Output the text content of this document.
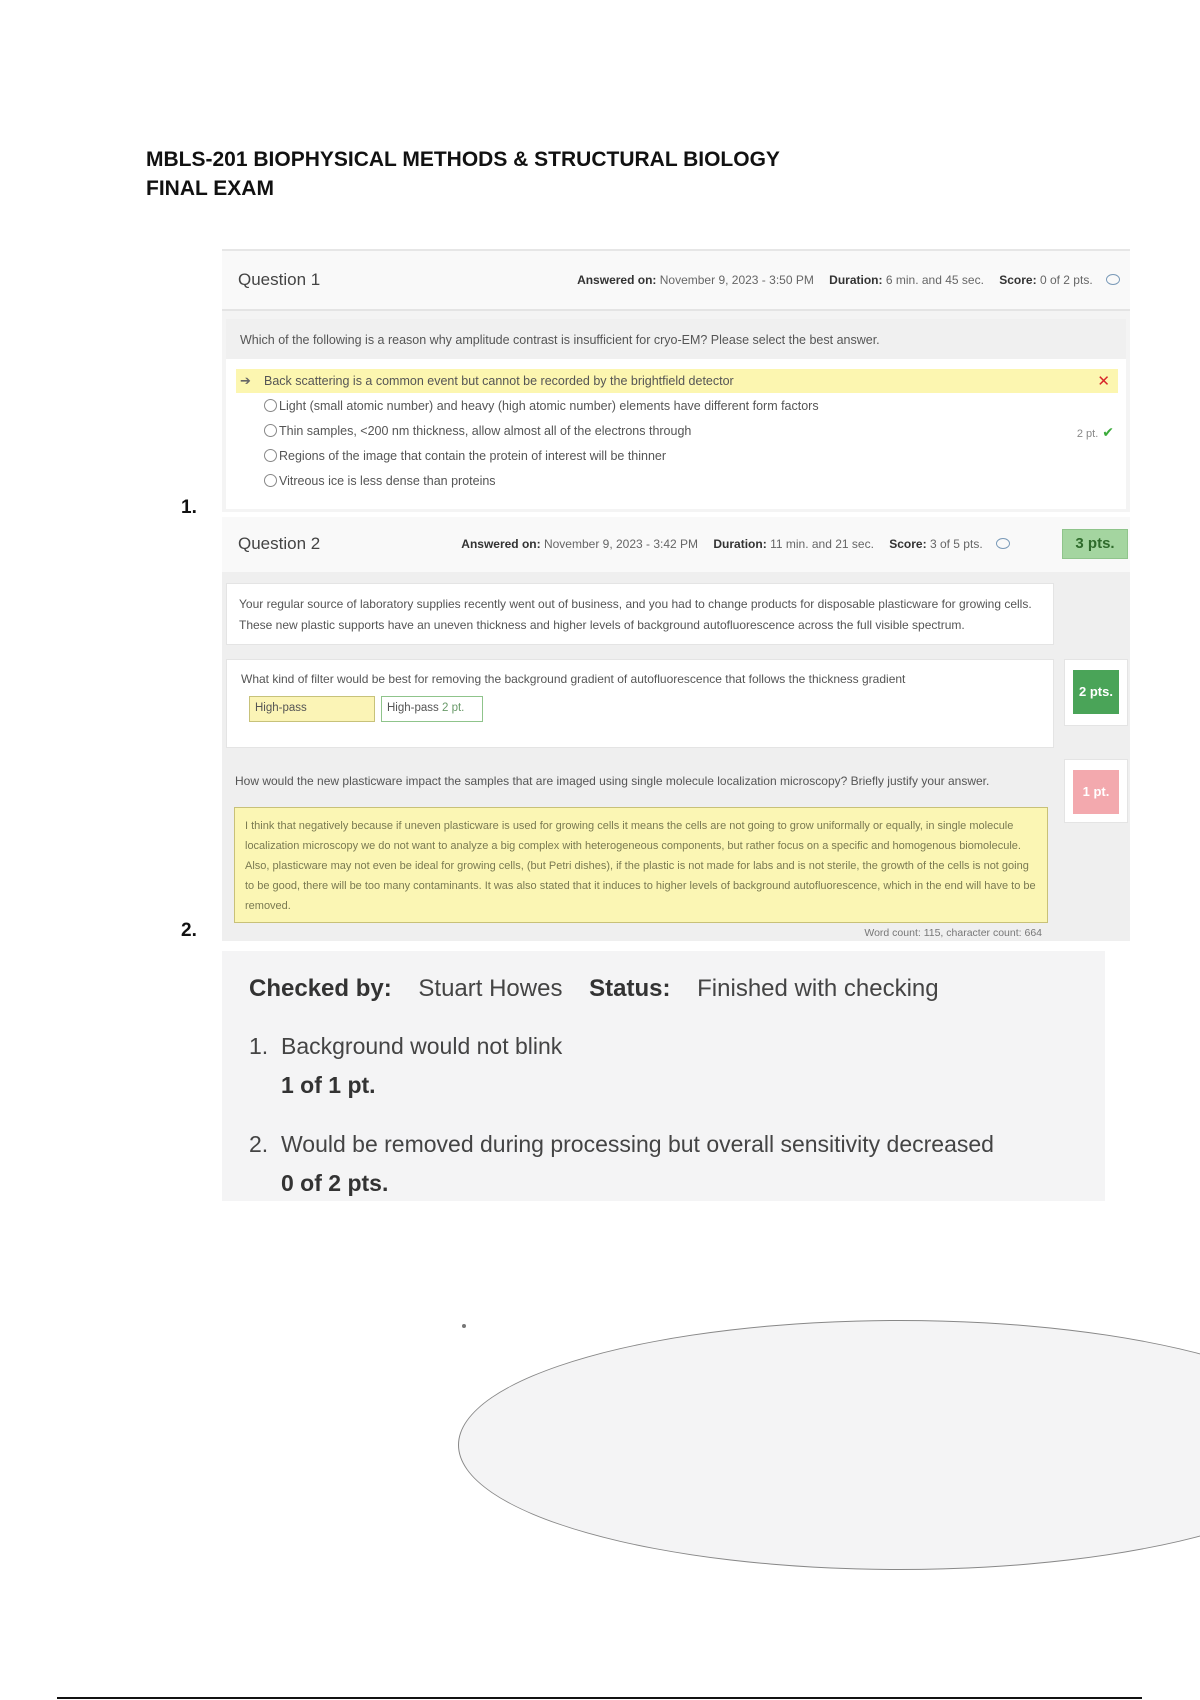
MBLS-201 BIOPHYSICAL METHODS & STRUCTURAL BIOLOGY
FINAL EXAM
1.
2.
Question 1	Answered on: November 9, 2023 - 3:50 PM Duration: 6 min. and 45 sec. Score: 0 of 2 pts.
Which of the following is a reason why amplitude contrast is insufficient for cryo-EM? Please select the best answer.
➔ Back scattering is a common event but cannot be recorded by the brightfield detector	✕
Light (small atomic number) and heavy (high atomic number) elements have different form factors
Thin samples, <200 nm thickness, allow almost all of the electrons through	2 pt. ✔
Regions of the image that contain the protein of interest will be thinner
Vitreous ice is less dense than proteins
Question 2	Answered on: November 9, 2023 - 3:42 PM Duration: 11 min. and 21 sec. Score: 3 of 5 pts.	3 pts.
Your regular source of laboratory supplies recently went out of business, and you had to change products for disposable plasticware for growing cells. These new plastic supports have an uneven thickness and higher levels of background autofluorescence across the full visible spectrum.
What kind of filter would be best for removing the background gradient of autofluorescence that follows the thickness gradient
High-pass	High-pass 2 pt.
2 pts.
How would the new plasticware impact the samples that are imaged using single molecule localization microscopy? Briefly justify your answer.
1 pt.
I think that negatively because if uneven plasticware is used for growing cells it means the cells are not going to grow uniformally or equally, in single molecule localization microscopy we do not want to analyze a big complex with heterogeneous components, but rather focus on a specific and homogenous biomolecule. Also, plasticware may not even be ideal for growing cells, (but Petri dishes), if the plastic is not made for labs and is not sterile, the growth of the cells is not going to be good, there will be too many contaminants. It was also stated that it induces to higher levels of background autofluorescence, which in the end will have to be removed.
Word count: 115, character count: 664
Checked by: Stuart Howes Status: Finished with checking
1. Background would not blink
1 of 1 pt.
2. Would be removed during processing but overall sensitivity decreased
0 of 2 pts.
